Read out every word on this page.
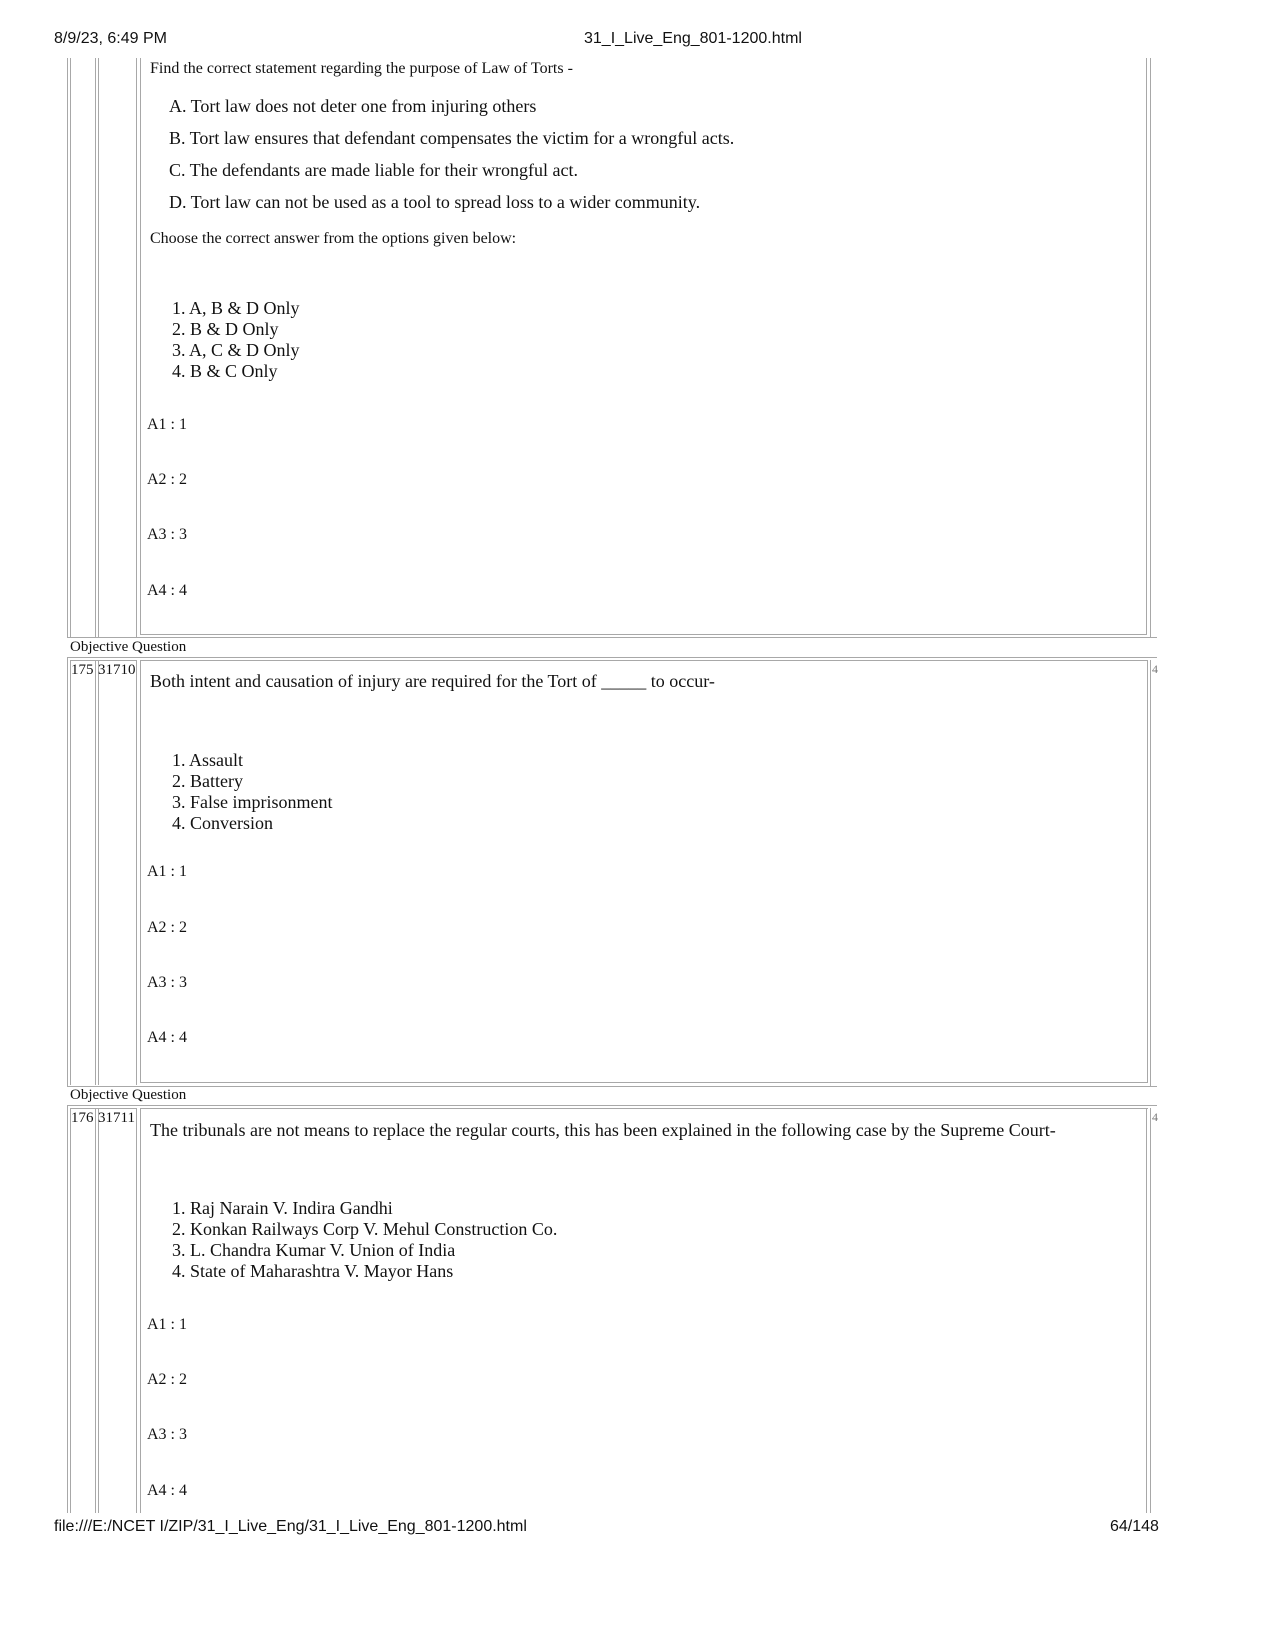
8/9/23, 6:49 PM	31_I_Live_Eng_801-1200.html
Find the correct statement regarding the purpose of Law of Torts -
A. Tort law does not deter one from injuring others
B. Tort law ensures that defendant compensates the victim for a wrongful acts.
C. The defendants are made liable for their wrongful act.
D. Tort law can not be used as a tool to spread loss to a wider community.
Choose the correct answer from the options given below:
1. A, B & D Only
2. B & D Only
3. A, C & D Only
4. B & C Only
A1 : 1
A2 : 2
A3 : 3
A4 : 4
Objective Question
175 31710	4
Both intent and causation of injury are required for the Tort of _____ to occur-
1. Assault
2. Battery
3. False imprisonment
4. Conversion
A1 : 1
A2 : 2
A3 : 3
A4 : 4
Objective Question
176 31711	4
The tribunals are not means to replace the regular courts, this has been explained in the following case by the Supreme Court-
1. Raj Narain V. Indira Gandhi
2. Konkan Railways Corp V. Mehul Construction Co.
3. L. Chandra Kumar V. Union of India
4. State of Maharashtra V. Mayor Hans
A1 : 1
A2 : 2
A3 : 3
A4 : 4
file:///E:/NCET I/ZIP/31_I_Live_Eng/31_I_Live_Eng_801-1200.html	64/148
